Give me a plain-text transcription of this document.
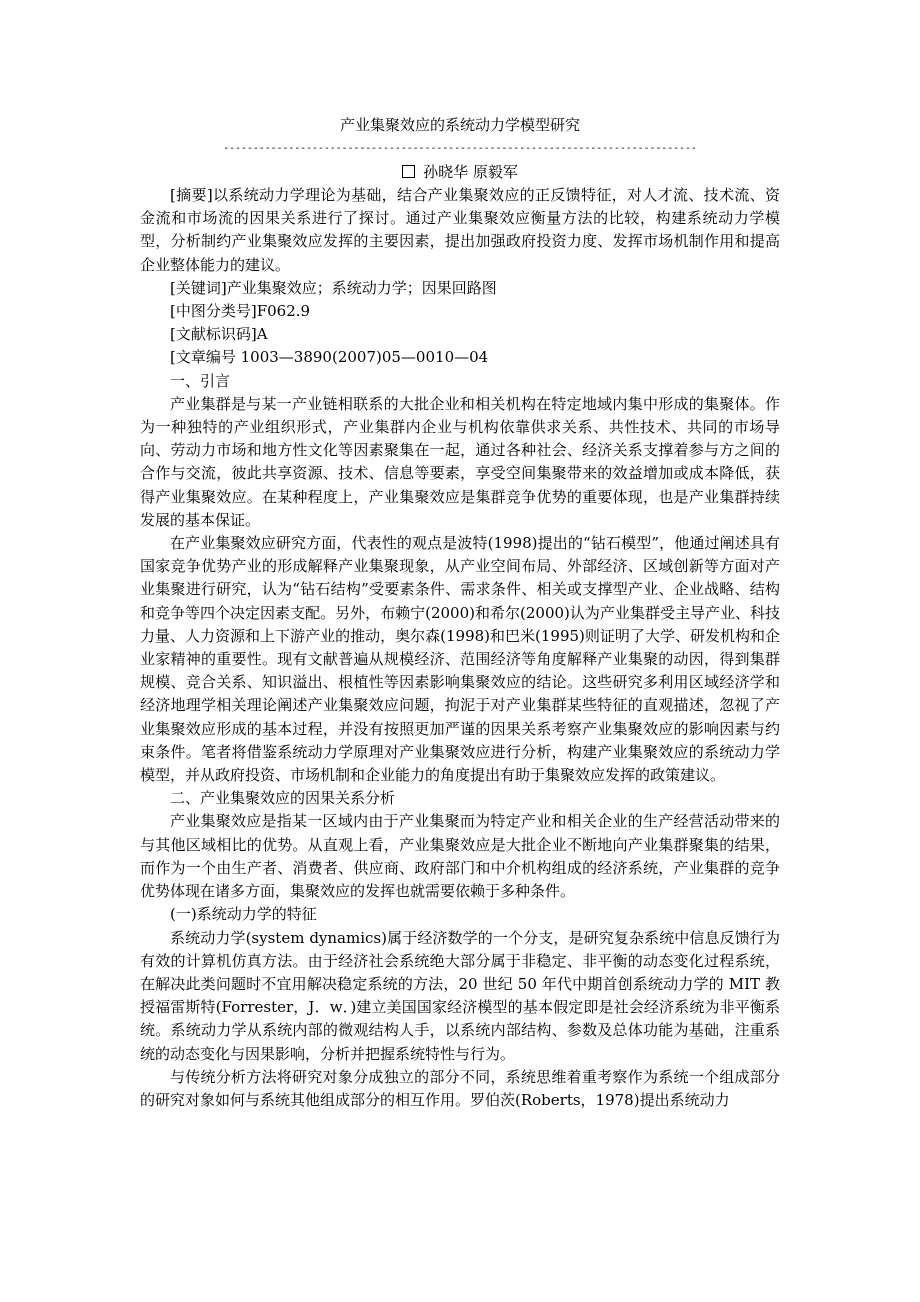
产业集聚效应的系统动力学模型研究
--------------------------------------------------------------------------------
孙晓华 原毅军

[摘要]以系统动力学理论为基础，结合产业集聚效应的正反馈特征，对人才流、技术流、资金流和市场流的因果关系进行了探讨。通过产业集聚效应衡量方法的比较，构建系统动力学模型，分析制约产业集聚效应发挥的主要因素，提出加强政府投资力度、发挥市场机制作用和提高企业整体能力的建议。

[关键词]产业集聚效应；系统动力学；因果回路图

[中图分类号]F062.9

[文献标识码]A

[文章编号 1003—3890(2007)05—0010—04

一、引言

产业集群是与某一产业链相联系的大批企业和相关机构在特定地域内集中形成的集聚体。作为一种独特的产业组织形式，产业集群内企业与机构依靠供求关系、共性技术、共同的市场导向、劳动力市场和地方性文化等因素聚集在一起，通过各种社会、经济关系支撑着参与方之间的合作与交流，彼此共享资源、技术、信息等要素，享受空间集聚带来的效益增加或成本降低，获得产业集聚效应。在某种程度上，产业集聚效应是集群竞争优势的重要体现，也是产业集群持续发展的基本保证。

在产业集聚效应研究方面，代表性的观点是波特(1998)提出的“钻石模型”，他通过阐述具有国家竞争优势产业的形成解释产业集聚现象，从产业空间布局、外部经济、区域创新等方面对产业集聚进行研究，认为“钻石结构”受要素条件、需求条件、相关或支撑型产业、企业战略、结构和竞争等四个决定因素支配。另外，布赖宁(2000)和希尔(2000)认为产业集群受主导产业、科技力量、人力资源和上下游产业的推动，奥尔森(1998)和巴米(1995)则证明了大学、研发机构和企业家精神的重要性。现有文献普遍从规模经济、范围经济等角度解释产业集聚的动因，得到集群规模、竞合关系、知识溢出、根植性等因素影响集聚效应的结论。这些研究多利用区域经济学和经济地理学相关理论阐述产业集聚效应问题，拘泥于对产业集群某些特征的直观描述，忽视了产业集聚效应形成的基本过程，并没有按照更加严谨的因果关系考察产业集聚效应的影响因素与约束条件。笔者将借鉴系统动力学原理对产业集聚效应进行分析，构建产业集聚效应的系统动力学模型，并从政府投资、市场机制和企业能力的角度提出有助于集聚效应发挥的政策建议。

二、产业集聚效应的因果关系分析

产业集聚效应是指某一区域内由于产业集聚而为特定产业和相关企业的生产经营活动带来的与其他区域相比的优势。从直观上看，产业集聚效应是大批企业不断地向产业集群聚集的结果，而作为一个由生产者、消费者、供应商、政府部门和中介机构组成的经济系统，产业集群的竞争优势体现在诸多方面，集聚效应的发挥也就需要依赖于多种条件。

(一)系统动力学的特征

系统动力学(system dynamics)属于经济数学的一个分支，是研究复杂系统中信息反馈行为有效的计算机仿真方法。由于经济社会系统绝大部分属于非稳定、非平衡的动态变化过程系统，在解决此类问题时不宜用解决稳定系统的方法，20 世纪 50 年代中期首创系统动力学的 MIT 教授福雷斯特(Forrester，J．w．)建立美国国家经济模型的基本假定即是社会经济系统为非平衡系统。系统动力学从系统内部的微观结构人手，以系统内部结构、参数及总体功能为基础，注重系统的动态变化与因果影响，分析并把握系统特性与行为。

与传统分析方法将研究对象分成独立的部分不同，系统思维着重考察作为系统一个组成部分的研究对象如何与系统其他组成部分的相互作用。罗伯茨(Roberts，1978)提出系统动力
